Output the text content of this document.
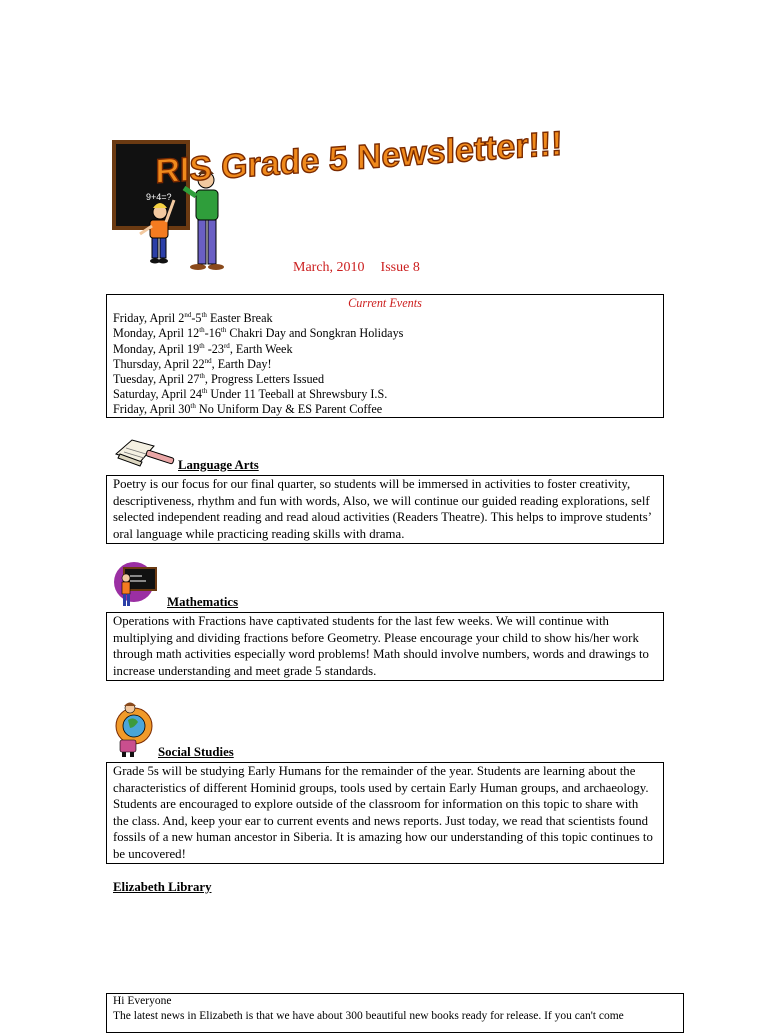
9+4=?
RIS Grade 5 Newsletter!!!
March, 2010 Issue 8

Current Events

Friday, April 2nd-5th Easter Break

Monday, April 12th-16th Chakri Day and Songkran Holidays

Monday, April 19th -23rd, Earth Week

Thursday, April 22nd, Earth Day!

Tuesday, April 27th, Progress Letters Issued

Saturday, April 24th Under 11 Teeball at Shrewsbury I.S.

Friday, April 30th No Uniform Day & ES Parent Coffee

Language Arts

Poetry is our focus for our final quarter, so students will be immersed in activities to foster creativity, descriptiveness, rhythm and fun with words, Also, we will continue our guided reading explorations, self selected independent reading and read aloud activities (Readers Theatre). This helps to improve students’ oral language while practicing reading skills with drama.

Mathematics

Operations with Fractions have captivated students for the last few weeks. We will continue with multiplying and dividing fractions before Geometry. Please encourage your child to show his/her work through math activities especially word problems! Math should involve numbers, words and drawings to increase understanding and meet grade 5 standards.

Social Studies

Grade 5s will be studying Early Humans for the remainder of the year. Students are learning about the characteristics of different Hominid groups, tools used by certain Early Human groups, and archaeology. Students are encouraged to explore outside of the classroom for information on this topic to share with the class. And, keep your ear to current events and news reports. Just today, we read that scientists found fossils of a new human ancestor in Siberia. It is amazing how our understanding of this topic continues to be uncovered!

Elizabeth Library

Hi Everyone

The latest news in Elizabeth is that we have about 300 beautiful new books ready for release. If you can't come
